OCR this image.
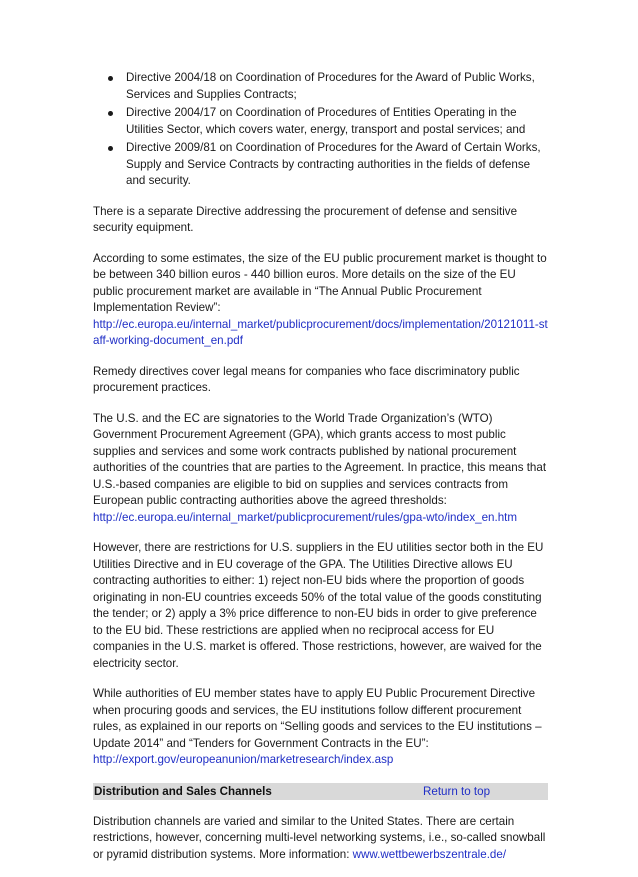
Directive 2004/18 on Coordination of Procedures for the Award of Public Works, Services and Supplies Contracts;
Directive 2004/17 on Coordination of Procedures of Entities Operating in the Utilities Sector, which covers water, energy, transport and postal services; and
Directive 2009/81 on Coordination of Procedures for the Award of Certain Works, Supply and Service Contracts by contracting authorities in the fields of defense and security.

There is a separate Directive addressing the procurement of defense and sensitive security equipment.

According to some estimates, the size of the EU public procurement market is thought to be between 340 billion euros - 440 billion euros. More details on the size of the EU public procurement market are available in “The Annual Public Procurement Implementation Review”:
http://ec.europa.eu/internal_market/publicprocurement/docs/implementation/20121011-staff-working-document_en.pdf

Remedy directives cover legal means for companies who face discriminatory public procurement practices.

The U.S. and the EC are signatories to the World Trade Organization’s (WTO) Government Procurement Agreement (GPA), which grants access to most public supplies and services and some work contracts published by national procurement authorities of the countries that are parties to the Agreement. In practice, this means that U.S.-based companies are eligible to bid on supplies and services contracts from European public contracting authorities above the agreed thresholds:
http://ec.europa.eu/internal_market/publicprocurement/rules/gpa-wto/index_en.htm

However, there are restrictions for U.S. suppliers in the EU utilities sector both in the EU Utilities Directive and in EU coverage of the GPA. The Utilities Directive allows EU contracting authorities to either: 1) reject non-EU bids where the proportion of goods originating in non-EU countries exceeds 50% of the total value of the goods constituting the tender; or 2) apply a 3% price difference to non-EU bids in order to give preference to the EU bid. These restrictions are applied when no reciprocal access for EU companies in the U.S. market is offered. Those restrictions, however, are waived for the electricity sector.

While authorities of EU member states have to apply EU Public Procurement Directive when procuring goods and services, the EU institutions follow different procurement rules, as explained in our reports on “Selling goods and services to the EU institutions – Update 2014” and “Tenders for Government Contracts in the EU”:
http://export.gov/europeanunion/marketresearch/index.asp

Distribution and Sales Channels	Return to top

Distribution channels are varied and similar to the United States. There are certain restrictions, however, concerning multi-level networking systems, i.e., so-called snowball or pyramid distribution systems. More information: www.wettbewerbszentrale.de/
